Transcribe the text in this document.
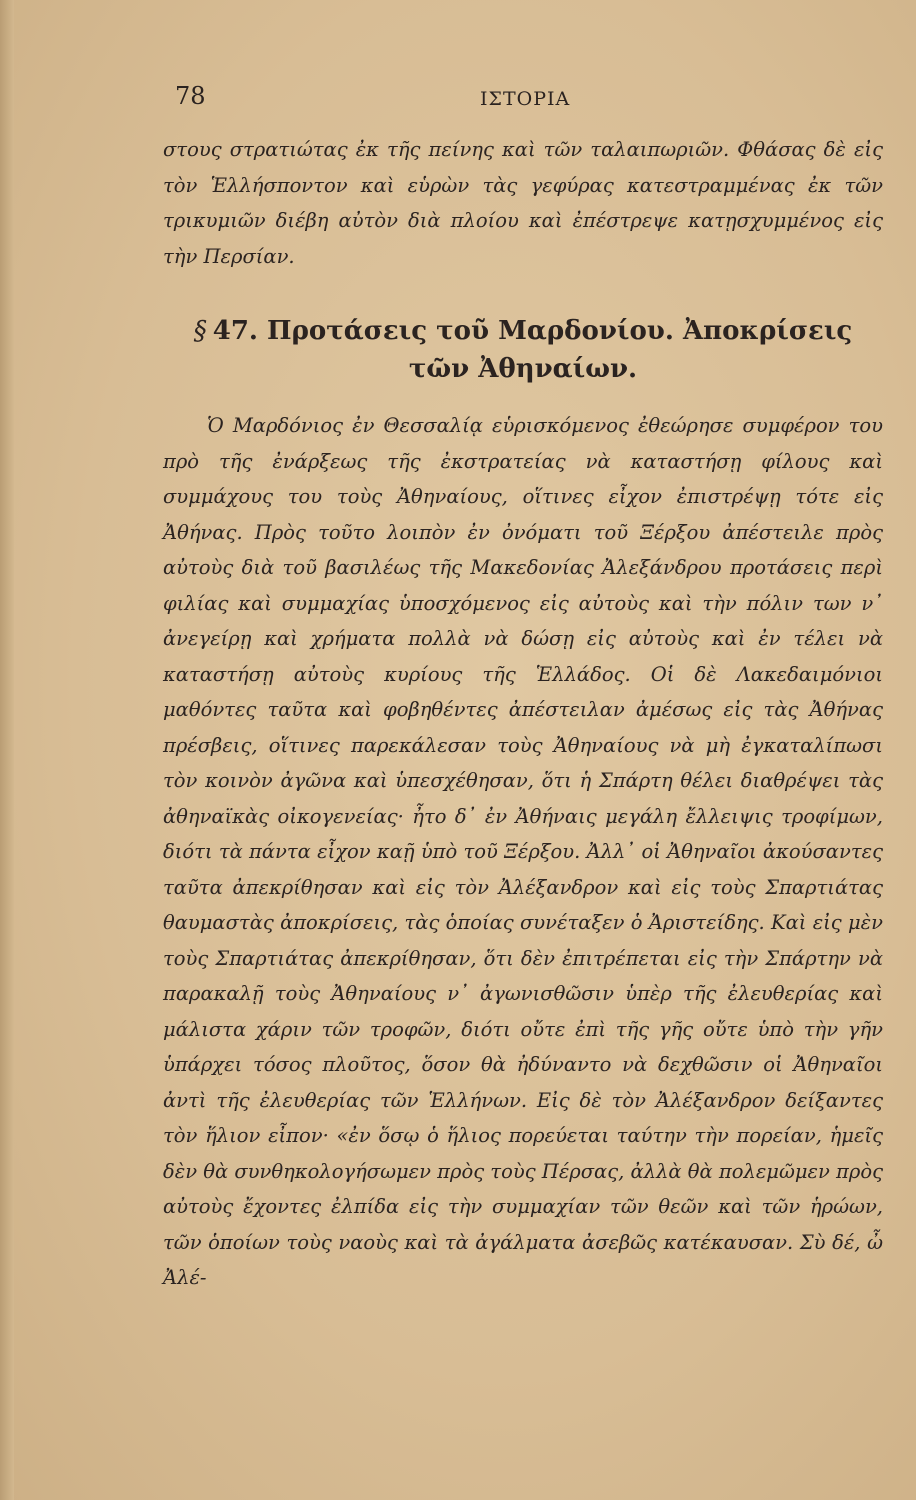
78	ΙΣΤΟΡΙΑ

στους στρατιώτας ἐκ τῆς πείνης καὶ τῶν ταλαιπωριῶν. Φθάσας δὲ εἰς τὸν Ἑλλήσποντον καὶ εὑρὼν τὰς γεφύρας κατεστραμμένας ἐκ τῶν τρικυμιῶν διέβη αὐτὸν διὰ πλοίου καὶ ἐπέστρεψε κατῃσχυμμένος εἰς τὴν Περσίαν.

§ 47. Προτάσεις τοῦ Μαρδονίου. Ἀποκρίσεις τῶν Ἀθηναίων.

Ὁ Μαρδόνιος ἐν Θεσσαλίᾳ εὑρισκόμενος ἐθεώρησε συμφέρον του πρὸ τῆς ἐνάρξεως τῆς ἐκστρατείας νὰ καταστήσῃ φίλους καὶ συμμάχους του τοὺς Ἀθηναίους, οἵτινες εἶχον ἐπιστρέψῃ τότε εἰς Ἀθήνας. Πρὸς τοῦτο λοιπὸν ἐν ὀνόματι τοῦ Ξέρξου ἀπέστειλε πρὸς αὐτοὺς διὰ τοῦ βασιλέως τῆς Μακεδονίας Ἀλεξάνδρου προτάσεις περὶ φιλίας καὶ συμμαχίας ὑποσχόμενος εἰς αὐτοὺς καὶ τὴν πόλιν των ν᾽ ἀνεγείρῃ καὶ χρήματα πολλὰ νὰ δώσῃ εἰς αὐτοὺς καὶ ἐν τέλει νὰ καταστήσῃ αὐτοὺς κυρίους τῆς Ἑλλάδος. Οἱ δὲ Λακεδαιμόνιοι μαθόντες ταῦτα καὶ φοβηθέντες ἀπέστειλαν ἀμέσως εἰς τὰς Ἀθήνας πρέσβεις, οἵτινες παρεκάλεσαν τοὺς Ἀθηναίους νὰ μὴ ἐγκαταλίπωσι τὸν κοινὸν ἀγῶνα καὶ ὑπεσχέθησαν, ὅτι ἡ Σπάρτη θέλει διαθρέψει τὰς ἀθηναϊκὰς οἰκογενείας· ἦτο δ᾽ ἐν Ἀθήναις μεγάλη ἔλλειψις τροφίμων, διότι τὰ πάντα εἶχον καῇ ὑπὸ τοῦ Ξέρξου. Ἀλλ᾽ οἱ Ἀθηναῖοι ἀκούσαντες ταῦτα ἀπεκρίθησαν καὶ εἰς τὸν Ἀλέξανδρον καὶ εἰς τοὺς Σπαρτιάτας θαυμαστὰς ἀποκρίσεις, τὰς ὁποίας συνέταξεν ὁ Ἀριστείδης. Καὶ εἰς μὲν τοὺς Σπαρτιάτας ἀπεκρίθησαν, ὅτι δὲν ἐπιτρέπεται εἰς τὴν Σπάρτην νὰ παρακαλῇ τοὺς Ἀθηναίους ν᾽ ἀγωνισθῶσιν ὑπὲρ τῆς ἐλευθερίας καὶ μάλιστα χάριν τῶν τροφῶν, διότι οὔτε ἐπὶ τῆς γῆς οὔτε ὑπὸ τὴν γῆν ὑπάρχει τόσος πλοῦτος, ὅσον θὰ ἠδύναντο νὰ δεχθῶσιν οἱ Ἀθηναῖοι ἀντὶ τῆς ἐλευθερίας τῶν Ἑλλήνων. Εἰς δὲ τὸν Ἀλέξανδρον δείξαντες τὸν ἥλιον εἶπον· «ἐν ὅσῳ ὁ ἥλιος πορεύεται ταύτην τὴν πορείαν, ἡμεῖς δὲν θὰ συνθηκολογήσωμεν πρὸς τοὺς Πέρσας, ἀλλὰ θὰ πολεμῶμεν πρὸς αὐτοὺς ἔχοντες ἐλπίδα εἰς τὴν συμμαχίαν τῶν θεῶν καὶ τῶν ἡρώων, τῶν ὁποίων τοὺς ναοὺς καὶ τὰ ἀγάλματα ἀσεβῶς κατέκαυσαν. Σὺ δέ, ὦ Ἀλέ-
